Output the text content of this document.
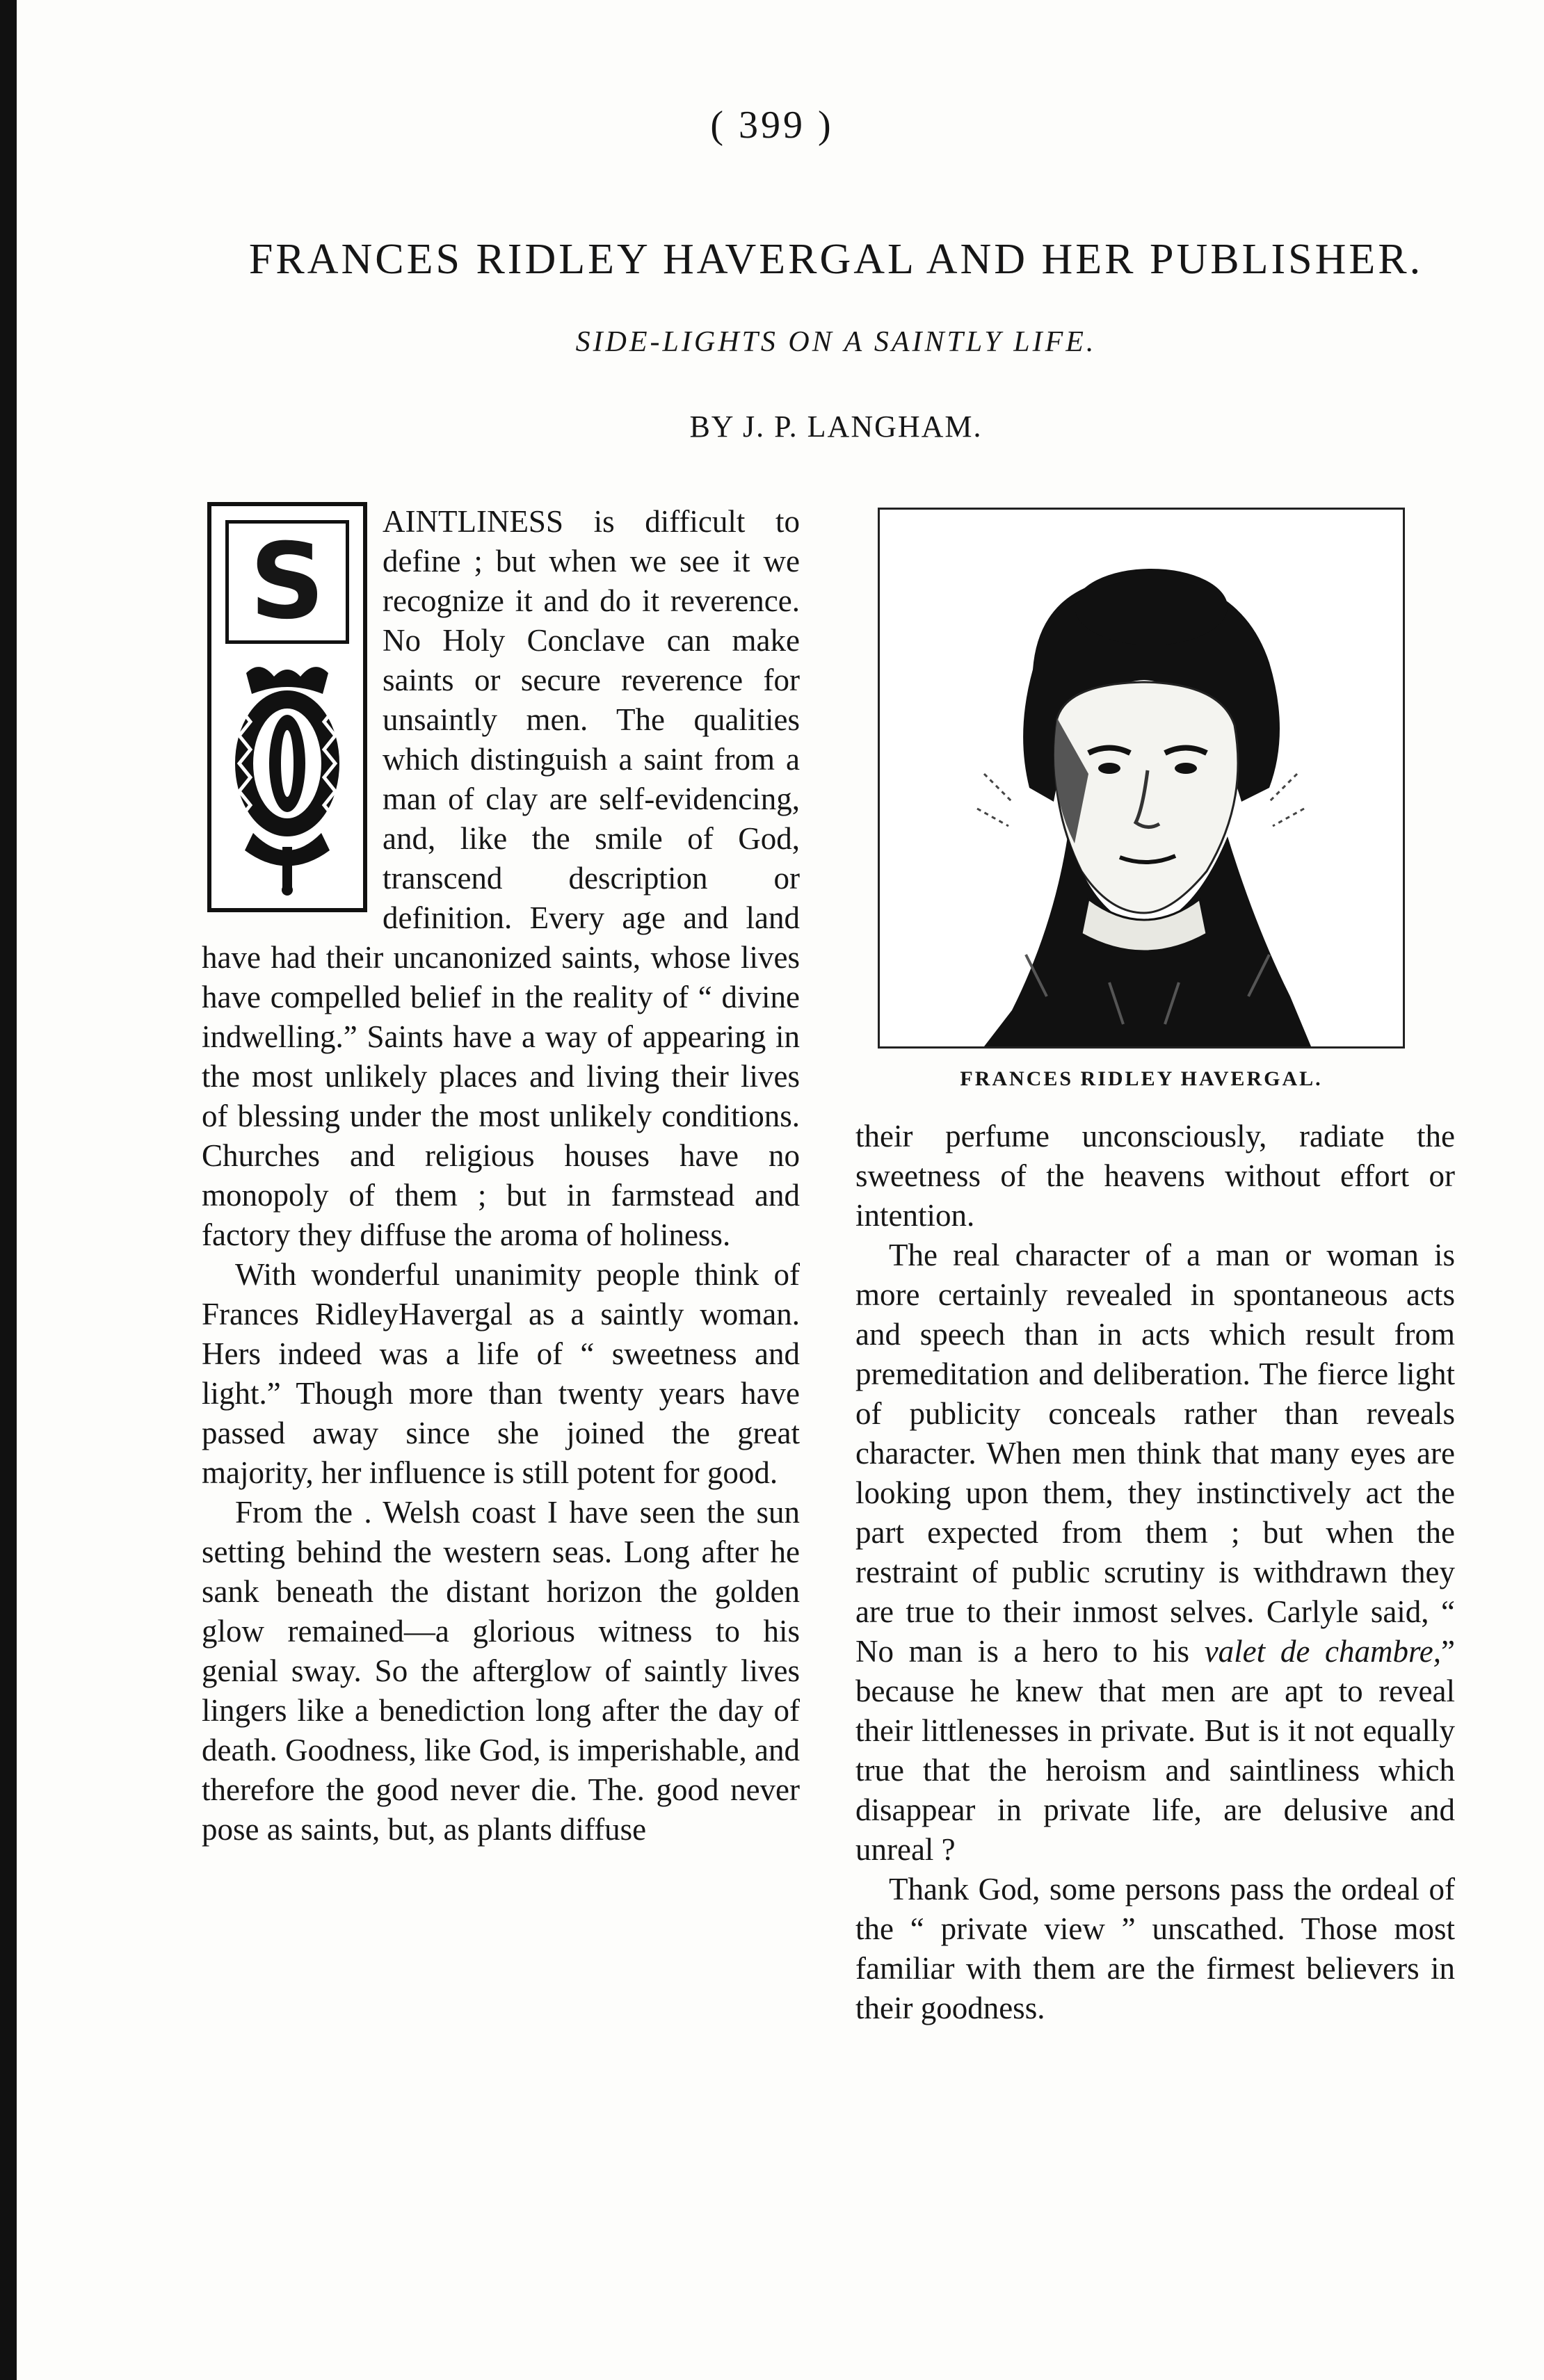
( 399 )
FRANCES RIDLEY HAVERGAL AND HER PUBLISHER.
SIDE-LIGHTS ON A SAINTLY LIFE.
BY J. P. LANGHAM.
S	AINTLINESS is difficult to define ; but when we see it we recognize it and do it reverence. No Holy Conclave can make saints or secure reverence for unsaintly men. The qualities which distinguish a saint from a man of clay are self-evidencing, and, like the smile of God, transcend description or definition. Every age and land have had their uncanonized saints, whose lives have compelled belief in the reality of “ divine indwelling.” Saints have a way of appearing in the most unlikely places and living their lives of blessing under the most unlikely conditions. Churches and religious houses have no monopoly of them ; but in farmstead and factory they diffuse the aroma of holiness.

With wonderful unanimity people think of Frances RidleyHavergal as a saintly woman. Hers indeed was a life of “ sweetness and light.” Though more than twenty years have passed away since she joined the great majority, her influence is still potent for good.

From the . Welsh coast I have seen the sun setting behind the western seas. Long after he sank beneath the distant horizon the golden glow remained—a glorious witness to his genial sway. So the afterglow of saintly lives lingers like a benediction long after the day of death. Goodness, like God, is imperishable, and therefore the good never die. The. good never pose as saints, but, as plants diffuse

FRANCES RIDLEY HAVERGAL.

their perfume unconsciously, radiate the sweetness of the heavens without effort or intention.

The real character of a man or woman is more certainly revealed in spontaneous acts and speech than in acts which result from premeditation and deliberation. The fierce light of publicity conceals rather than reveals character. When men think that many eyes are looking upon them, they instinctively act the part expected from them ; but when the restraint of public scrutiny is withdrawn they are true to their inmost selves. Carlyle said, “ No man is a hero to his valet de chambre,” because he knew that men are apt to reveal their littlenesses in private. But is it not equally true that the heroism and saintliness which disappear in private life, are delusive and unreal ?

Thank God, some persons pass the ordeal of the “ private view ” unscathed. Those most familiar with them are the firmest believers in their goodness.
